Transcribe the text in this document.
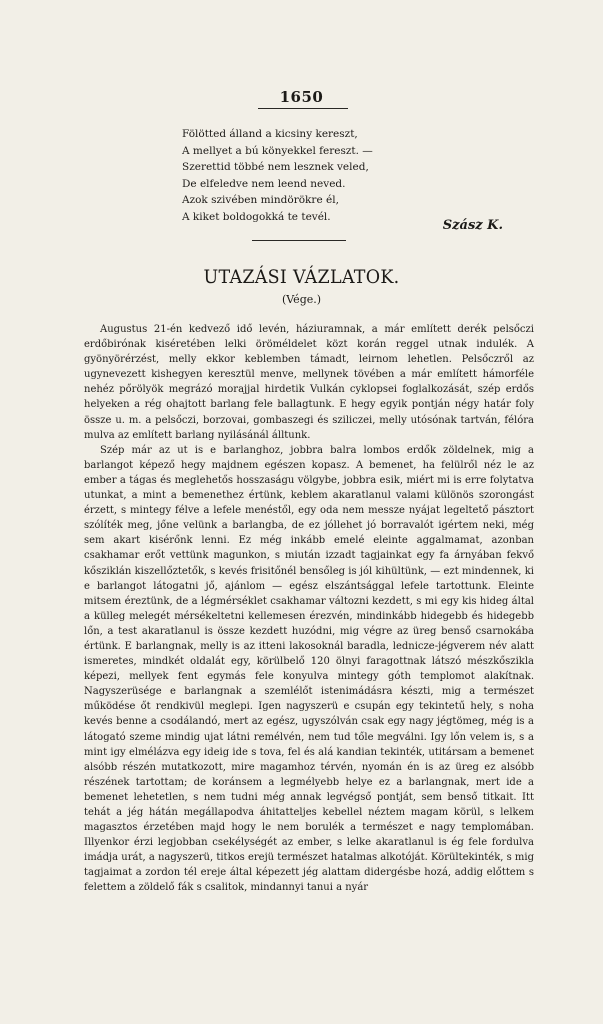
1650
Fölötted álland a kicsiny kereszt,
A mellyet a bú könyekkel fereszt. —
Szerettid többé nem lesznek veled,
De elfeledve nem leend neved.
Azok szivében mindörökre él,
A kiket boldogokká te tevél.
Szász K.
UTAZÁSI VÁZLATOK.
(Vége.)

Augustus 21-én kedvező idő levén, háziuramnak, a már említett derék pelsőczi erdőbirónak kiséretében lelki öröméldelet közt korán reggel utnak indulék. A gyönyörérzést, melly ekkor keblemben támadt, leirnom lehetlen. Pelsőczről az ugynevezett kishegyen keresztül menve, mellynek tövében a már említett hámorféle nehéz pőrölyök megrázó morajjal hirdetik Vulkán cyklopsei foglalkozását, szép erdős helyeken a rég ohajtott barlang fele ballagtunk. E hegy egyik pontján négy határ foly össze u. m. a pelsőczi, borzovai, gombaszegi és sziliczei, melly utósónak tartván, félóra mulva az említett barlang nyilásánál álltunk.

Szép már az ut is e barlanghoz, jobbra balra lombos erdők zöldelnek, mig a barlangot képező hegy majdnem egészen kopasz. A bemenet, ha felülről néz le az ember a tágas és meglehetős hosszaságu völgybe, jobbra esik, miért mi is erre folytatva utunkat, a mint a bemenethez értünk, keblem akaratlanul valami különös szorongást érzett, s mintegy félve a lefele menéstől, egy oda nem messze nyájat legeltető pásztort szólíték meg, jőne velünk a barlangba, de ez jóllehet jó borravalót igértem neki, még sem akart kisérőnk lenni. Ez még inkább emelé eleinte aggalmamat, azonban csakhamar erőt vettünk magunkon, s miután izzadt tagjainkat egy fa árnyában fekvő kősziklán kiszellőztetők, s kevés frisitőnél bensőleg is jól kihültünk, — ezt mindennek, ki e barlangot látogatni jő, ajánlom — egész elszántsággal lefele tartottunk. Eleinte mitsem éreztünk, de a légmérséklet csakhamar változni kezdett, s mi egy kis hideg által a külleg melegét mérsékeltetni kellemesen érezvén, mindinkább hidegebb és hidegebb lőn, a test akaratlanul is össze kezdett huzódni, mig végre az üreg benső csarnokába értünk. E barlangnak, melly is az itteni lakosoknál baradla, ledniczе-jégverem név alatt ismeretes, mindkét oldalát egy, körülbelő 120 ölnyi faragottnak látszó mészkőszikla képezi, mellyek fent egymás fele konyulva mintegy góth templomot alakítnak. Nagyszerüsége e barlangnak a szemlélőt istenimádásra készti, mig a természet működése őt rendkivül meglepi. Igen nagyszerü e csupán egy tekintetű hely, s noha kevés benne a csodálandó, mert az egész, ugyszólván csak egy nagy jégtömeg, még is a látogató szeme mindig ujat látni remélvén, nem tud tőle megválni. Igy lőn velem is, s a mint igy elmélázva egy ideig ide s tova, fel és alá kandian tekinték, utitársam a bemenet alsóbb részén mutatkozott, mire magamhoz térvén, nyomán én is az üreg ez alsóbb részének tartottam; de koránsem a legmélyebb helye ez a barlangnak, mert ide a bemenet lehetetlen, s nem tudni még annak legvégső pontját, sem benső titkait. Itt tehát a jég hátán megállapodva áhitatteljes kebellel néztem magam körül, s lelkem magasztos érzetében majd hogy le nem borulék a természet e nagy templomában. Illyenkor érzi legjobban csekélységét az ember, s lelke akaratlanul is ég fele fordulva imádja urát, a nagyszerü, titkos erejü természet hatalmas alkotóját. Körültekinték, s mig tagjaimat a zordon tél ereje által képezett jég alattam didergésbe hozá, addig előttem s felettem a zöldelő fák s csalitok, mindannyi tanui a nyár
